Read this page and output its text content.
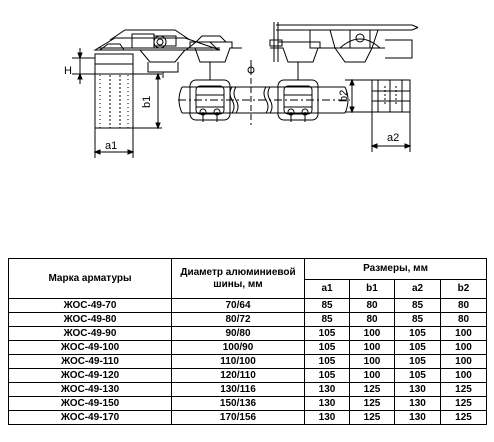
H
b1
a1
b2
a2
Марка арматуры	Диаметр алюминиевой шины, мм	Размеры, мм			
		a1	b1	a2	b2
ЖОС-49-70	70/64	85	80	85	80
ЖОС-49-80	80/72	85	80	85	80
ЖОС-49-90	90/80	105	100	105	100
ЖОС-49-100	100/90	105	100	105	100
ЖОС-49-110	110/100	105	100	105	100
ЖОС-49-120	120/110	105	100	105	100
ЖОС-49-130	130/116	130	125	130	125
ЖОС-49-150	150/136	130	125	130	125
ЖОС-49-170	170/156	130	125	130	125
